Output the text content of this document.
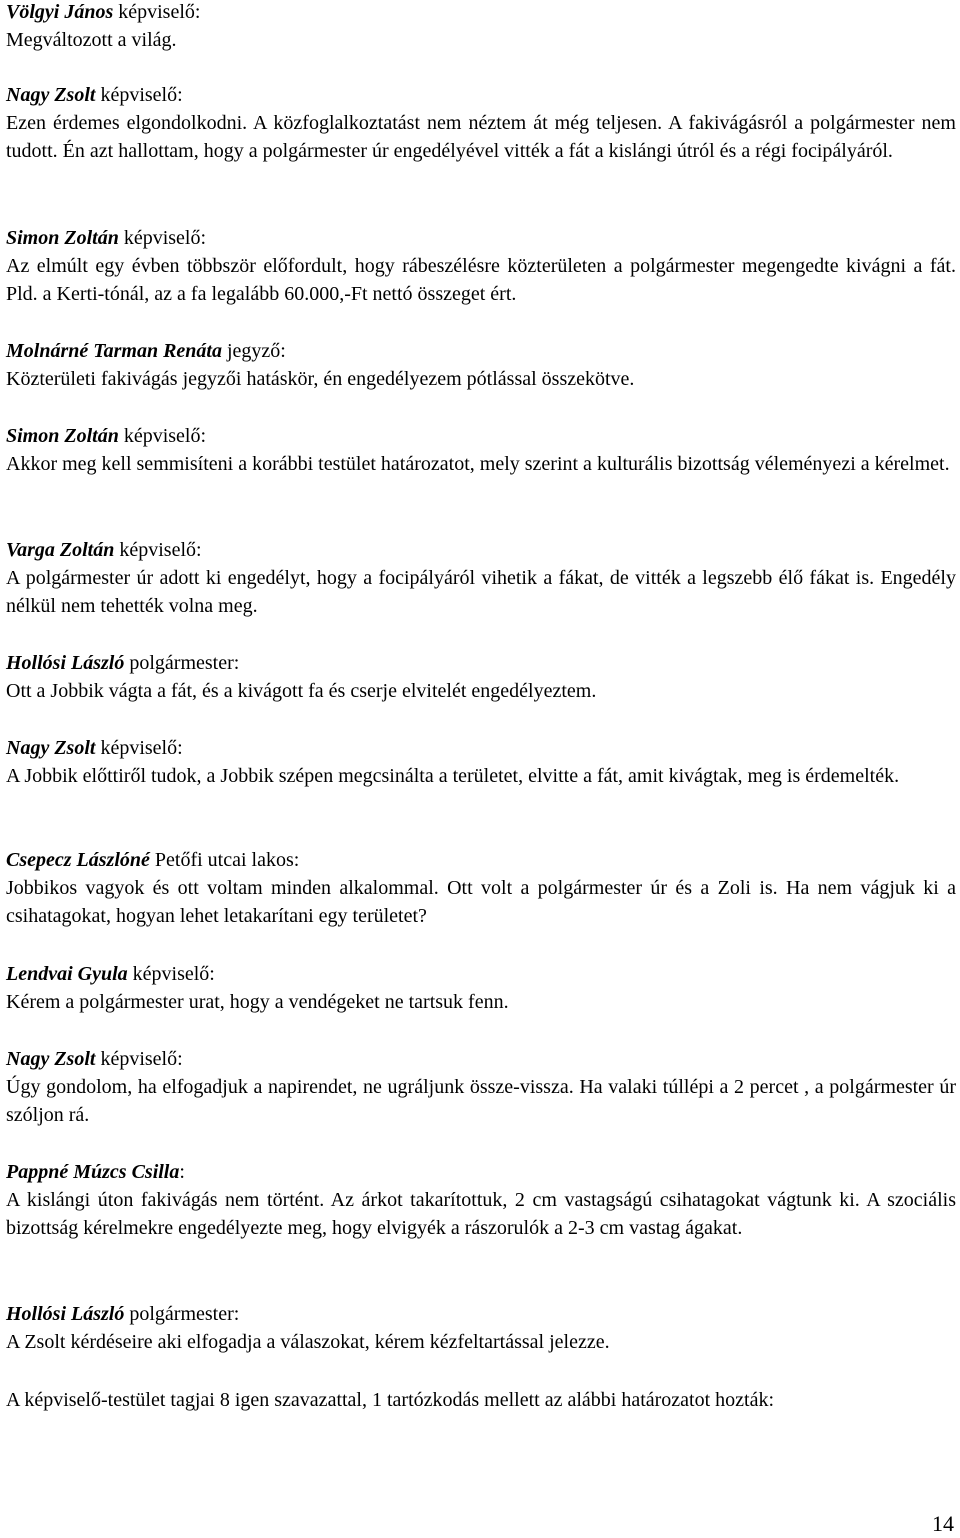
Völgyi János képviselő:
Megváltozott a világ.
Nagy Zsolt képviselő:
Ezen érdemes elgondolkodni. A közfoglalkoztatást nem néztem át még teljesen. A fakivágásról a polgármester nem tudott. Én azt hallottam, hogy a polgármester úr engedélyével vitték a fát a kislángi útról és a régi focipályáról.
Simon Zoltán képviselő:
Az elmúlt egy évben többször előfordult, hogy rábeszélésre közterületen a polgármester megengedte kivágni a fát. Pld. a Kerti-tónál, az a fa legalább 60.000,-Ft nettó összeget ért.
Molnárné Tarman Renáta jegyző:
Közterületi fakivágás jegyzői hatáskör, én engedélyezem pótlással összekötve.
Simon Zoltán képviselő:
Akkor meg kell semmisíteni a korábbi testület határozatot, mely szerint a kulturális bizottság véleményezi a kérelmet.
Varga Zoltán képviselő:
A polgármester úr adott ki engedélyt, hogy a focipályáról vihetik a fákat, de vitték a legszebb élő fákat is. Engedély nélkül nem tehették volna meg.
Hollósi László polgármester:
Ott a Jobbik vágta a fát, és a kivágott fa és cserje elvitelét engedélyeztem.
Nagy Zsolt képviselő:
A Jobbik előttiről tudok, a Jobbik szépen megcsinálta a területet, elvitte a fát, amit kivágtak, meg is érdemelték.
Csepecz Lászlóné Petőfi utcai lakos:
Jobbikos vagyok és ott voltam minden alkalommal. Ott volt a polgármester úr és a Zoli is. Ha nem vágjuk ki a csihatagokat, hogyan lehet letakarítani egy területet?
Lendvai Gyula képviselő:
Kérem a polgármester urat, hogy a vendégeket ne tartsuk fenn.
Nagy Zsolt képviselő:
Úgy gondolom, ha elfogadjuk a napirendet, ne ugráljunk össze-vissza. Ha valaki túllépi a 2 percet , a polgármester úr szóljon rá.
Pappné Múzcs Csilla:
A kislángi úton fakivágás nem történt. Az árkot takarítottuk, 2 cm vastagságú csihatagokat vágtunk ki. A szociális bizottság kérelmekre engedélyezte meg, hogy elvigyék a rászorulók a 2-3 cm vastag ágakat.
Hollósi László polgármester:
A Zsolt kérdéseire aki elfogadja a válaszokat, kérem kézfeltartással jelezze.
A képviselő-testület tagjai 8 igen szavazattal, 1 tartózkodás mellett az alábbi határozatot hozták:
14
